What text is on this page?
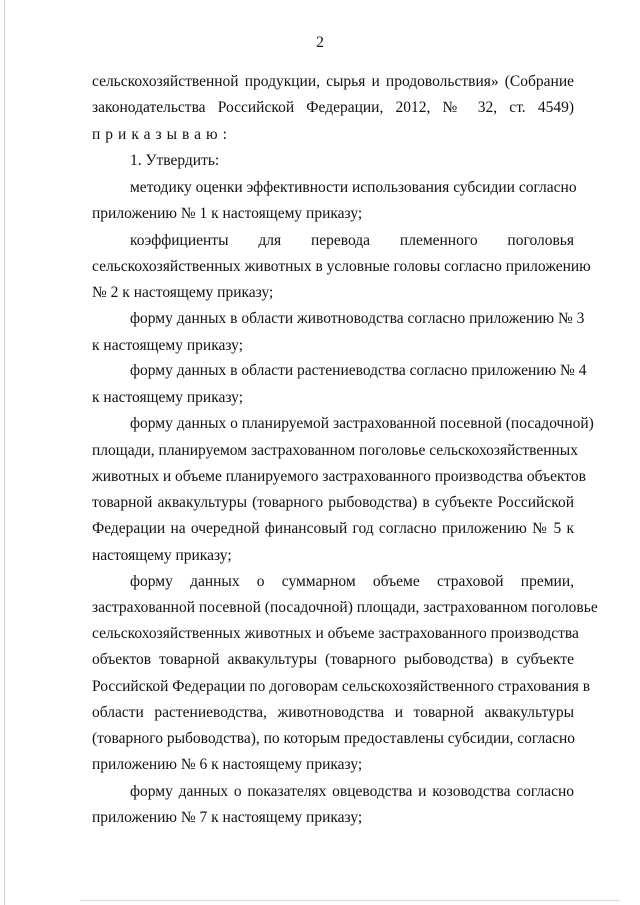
2
сельскохозяйственной продукции, сырья и продовольствия» (Собрание
законодательства Российской Федерации, 2012, № 32, ст. 4549)
приказываю:
1. Утвердить:
методику оценки эффективности использования субсидии согласно
приложению № 1 к настоящему приказу;
коэффициенты для перевода племенного поголовья
сельскохозяйственных животных в условные головы согласно приложению
№ 2 к настоящему приказу;
форму данных в области животноводства согласно приложению № 3
к настоящему приказу;
форму данных в области растениеводства согласно приложению № 4
к настоящему приказу;
форму данных о планируемой застрахованной посевной (посадочной)
площади, планируемом застрахованном поголовье сельскохозяйственных
животных и объеме планируемого застрахованного производства объектов
товарной аквакультуры (товарного рыбоводства) в субъекте Российской
Федерации на очередной финансовый год согласно приложению № 5 к
настоящему приказу;
форму данных о суммарном объеме страховой премии,
застрахованной посевной (посадочной) площади, застрахованном поголовье
сельскохозяйственных животных и объеме застрахованного производства
объектов товарной аквакультуры (товарного рыбоводства) в субъекте
Российской Федерации по договорам сельскохозяйственного страхования в
области растениеводства, животноводства и товарной аквакультуры
(товарного рыбоводства), по которым предоставлены субсидии, согласно
приложению № 6 к настоящему приказу;
форму данных о показателях овцеводства и козоводства согласно
приложению № 7 к настоящему приказу;
